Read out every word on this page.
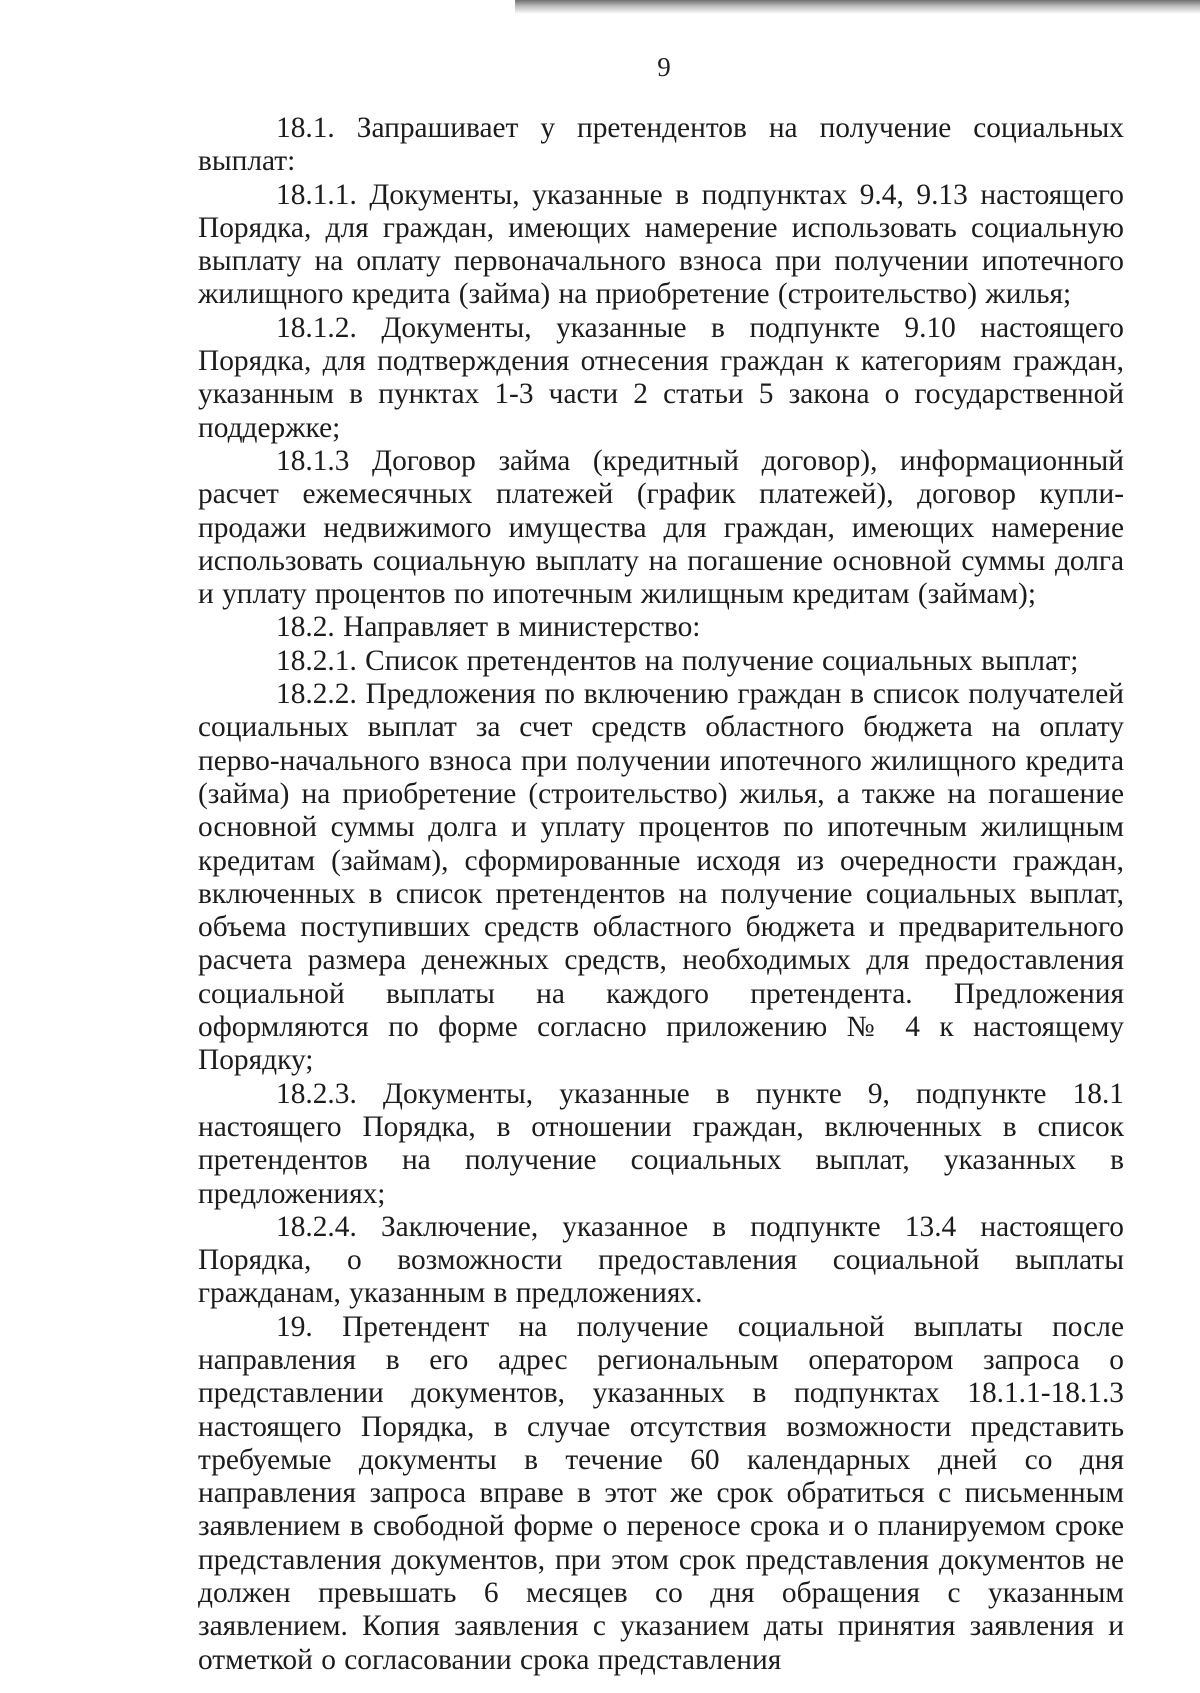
9

18.1. Запрашивает у претендентов на получение социальных выплат:

18.1.1. Документы, указанные в подпунктах 9.4, 9.13 настоящего Порядка, для граждан, имеющих намерение использовать социальную выплату на оплату первоначального взноса при получении ипотечного жилищного кредита (займа) на приобретение (строительство) жилья;

18.1.2. Документы, указанные в подпункте 9.10 настоящего Порядка, для подтверждения отнесения граждан к категориям граждан, указанным в пунктах 1-3 части 2 статьи 5 закона о государственной поддержке;

18.1.3 Договор займа (кредитный договор), информационный расчет ежемесячных платежей (график платежей), договор купли-продажи недвижимого имущества для граждан, имеющих намерение использовать социальную выплату на погашение основной суммы долга и уплату процентов по ипотечным жилищным кредитам (займам);

18.2. Направляет в министерство:

18.2.1. Список претендентов на получение социальных выплат;

18.2.2. Предложения по включению граждан в список получателей социальных выплат за счет средств областного бюджета на оплату перво-начального взноса при получении ипотечного жилищного кредита (займа) на приобретение (строительство) жилья, а также на погашение основной суммы долга и уплату процентов по ипотечным жилищным кредитам (займам), сформированные исходя из очередности граждан, включенных в список претендентов на получение социальных выплат, объема поступивших средств областного бюджета и предварительного расчета размера денежных средств, необходимых для предоставления социальной выплаты на каждого претендента. Предложения оформляются по форме согласно приложению № 4 к настоящему Порядку;

18.2.3. Документы, указанные в пункте 9, подпункте 18.1 настоящего Порядка, в отношении граждан, включенных в список претендентов на получение социальных выплат, указанных в предложениях;

18.2.4. Заключение, указанное в подпункте 13.4 настоящего Порядка, о возможности предоставления социальной выплаты гражданам, указанным в предложениях.

19. Претендент на получение социальной выплаты после направления в его адрес региональным оператором запроса о представлении документов, указанных в подпунктах 18.1.1-18.1.3 настоящего Порядка, в случае отсутствия возможности представить требуемые документы в течение 60 календарных дней со дня направления запроса вправе в этот же срок обратиться с письменным заявлением в свободной форме о переносе срока и о планируемом сроке представления документов, при этом срок представления документов не должен превышать 6 месяцев со дня обращения с указанным заявлением. Копия заявления с указанием даты принятия заявления и отметкой о согласовании срока представления
